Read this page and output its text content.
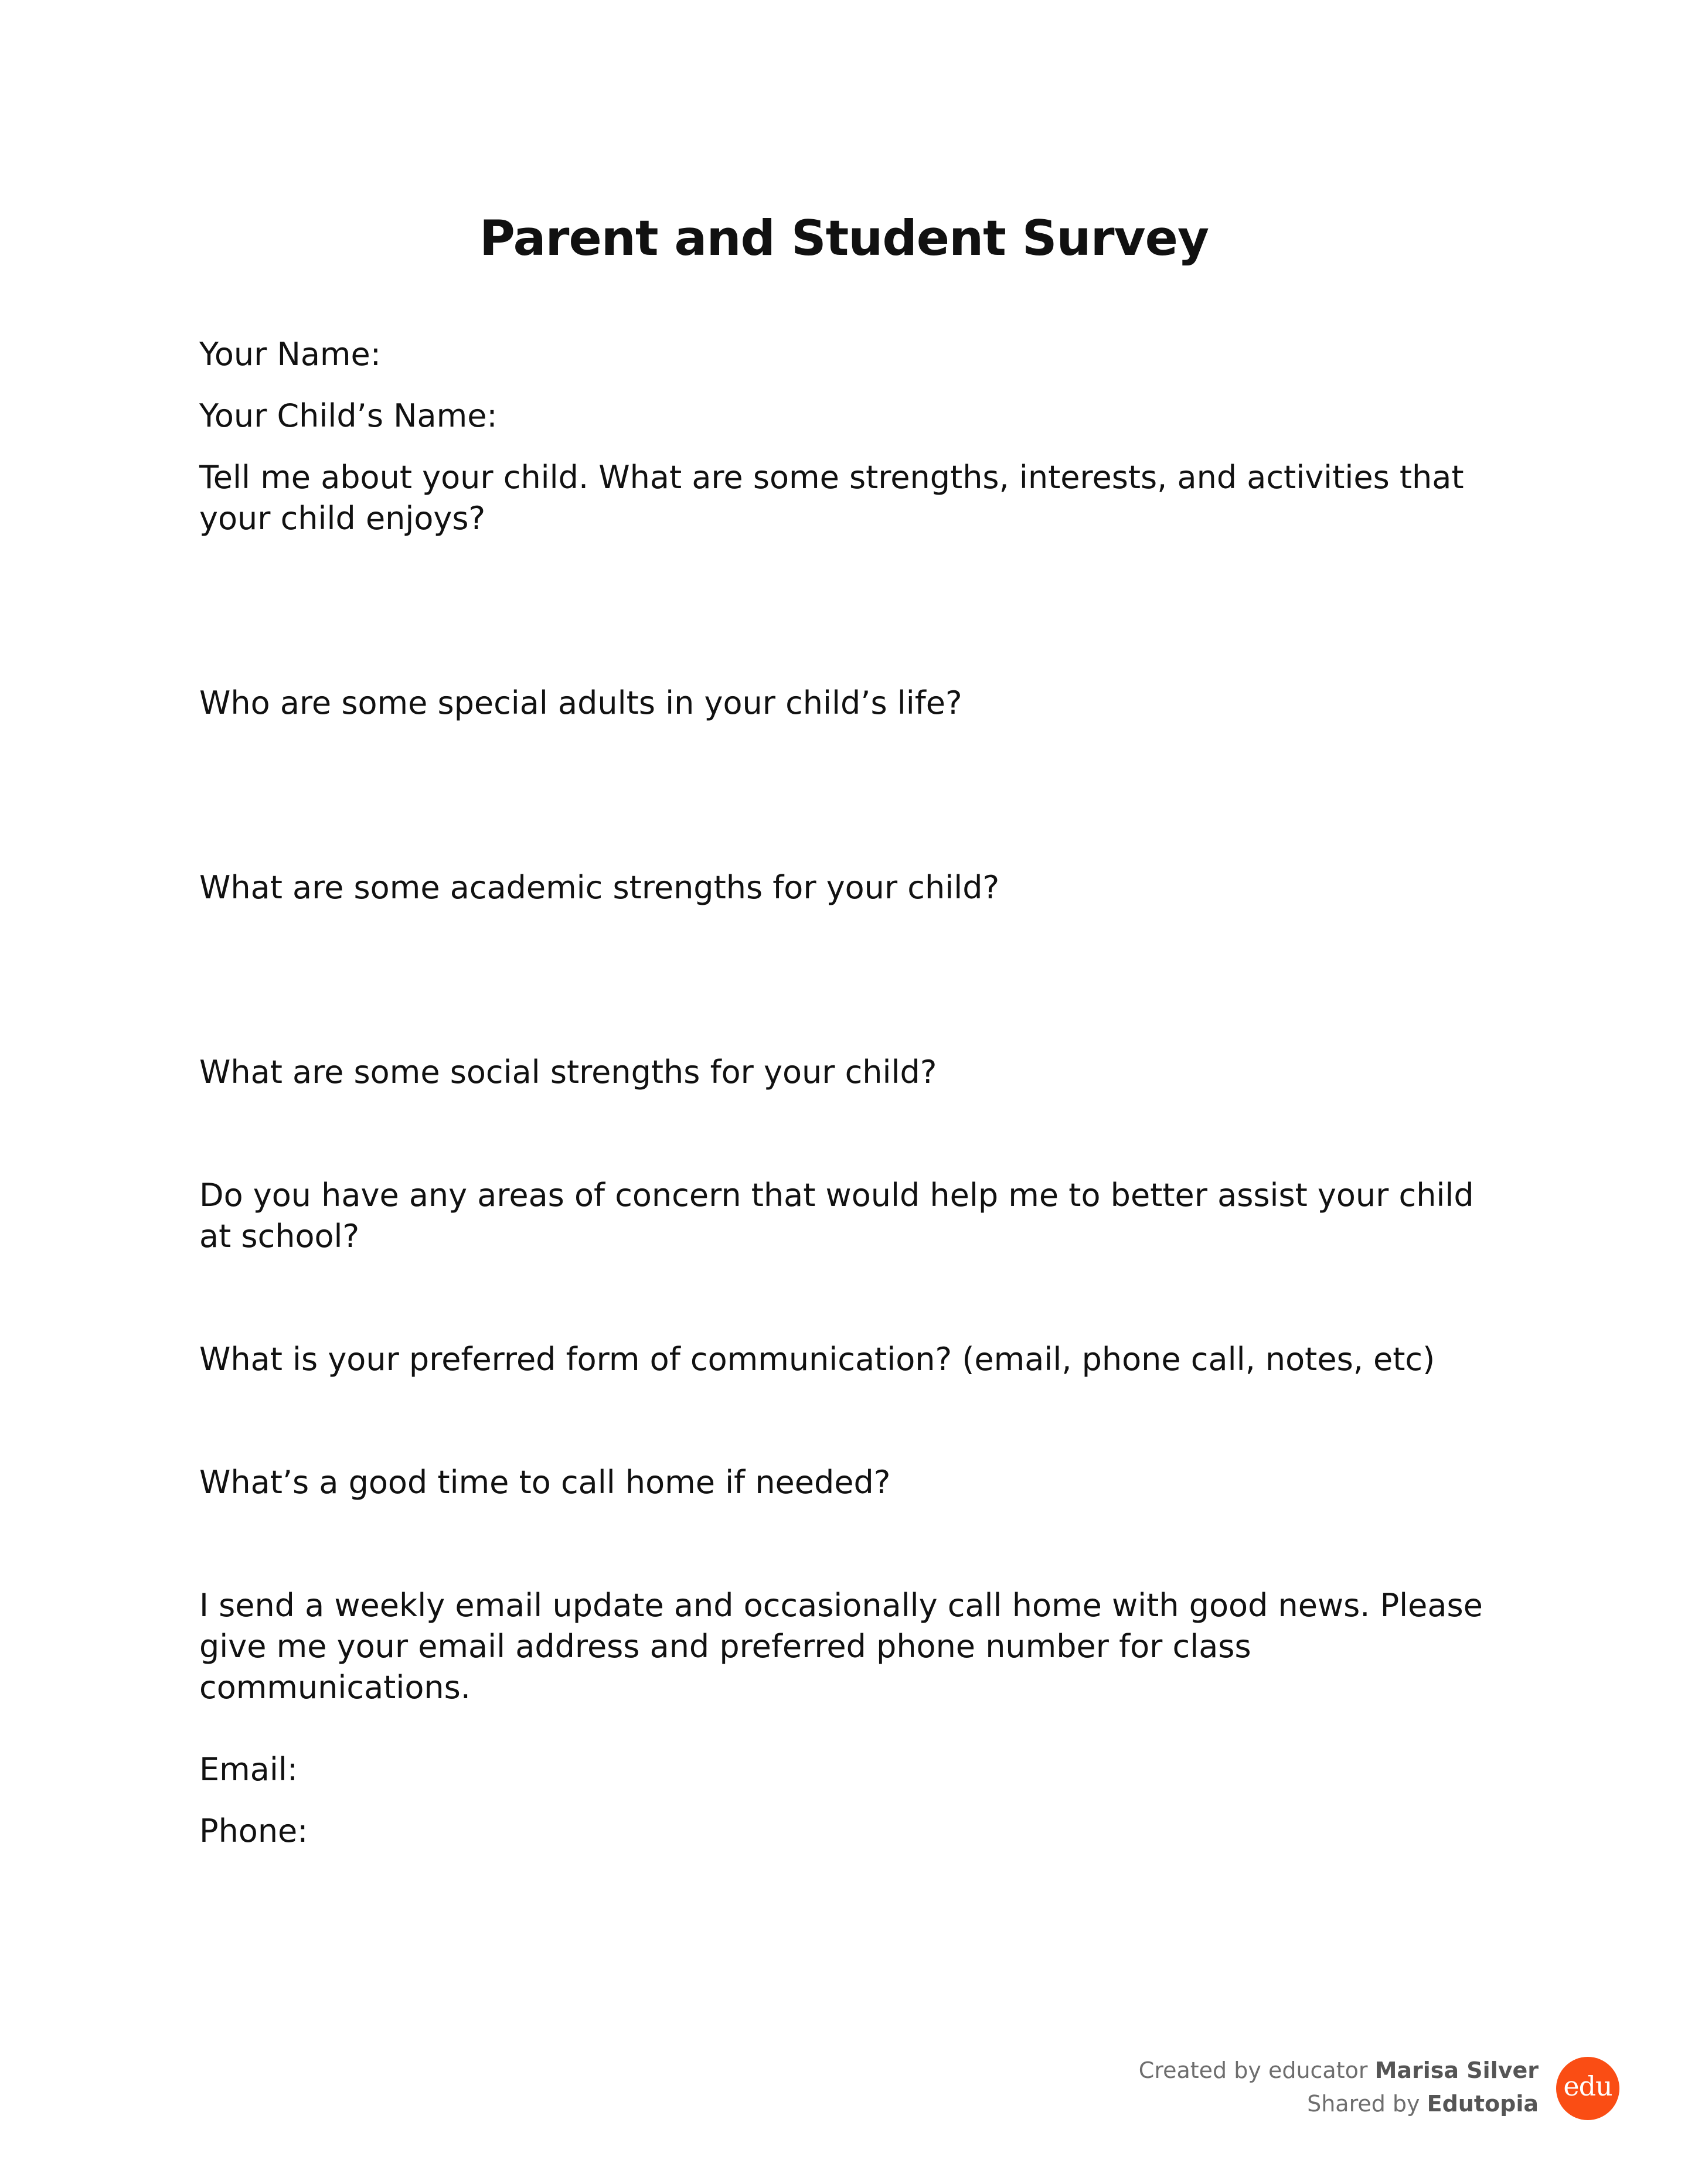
Parent and Student Survey
Your Name:
Your Child’s Name:
Tell me about your child. What are some strengths, interests, and activities that your child enjoys?
Who are some special adults in your child’s life?
What are some academic strengths for your child?
What are some social strengths for your child?
Do you have any areas of concern that would help me to better assist your child at school?
What is your preferred form of communication? (email, phone call, notes, etc)
What’s a good time to call home if needed?
I send a weekly email update and occasionally call home with good news. Please give me your email address and preferred phone number for class communications.
Email:
Phone:
Created by educator Marisa Silver
Shared by Edutopia
edu
